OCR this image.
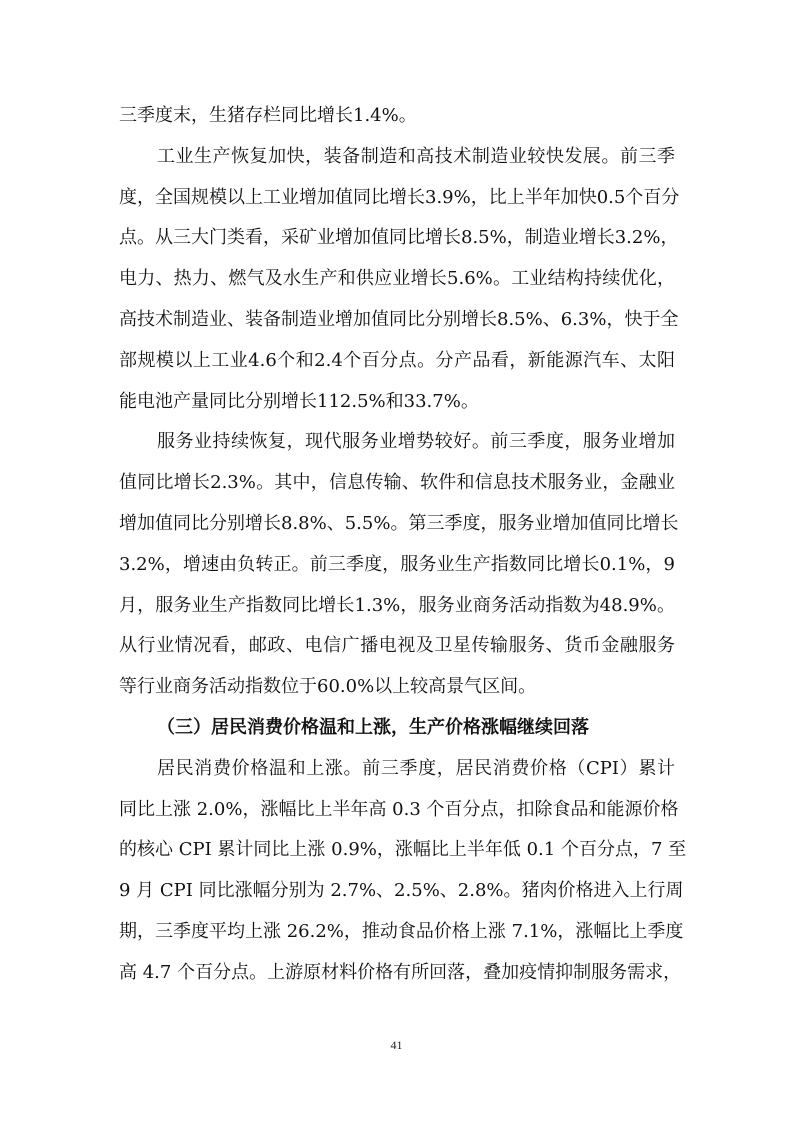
三季度末，生猪存栏同比增长1.4%。
工业生产恢复加快，装备制造和高技术制造业较快发展。前三季
度，全国规模以上工业增加值同比增长3.9%，比上半年加快0.5个百分
点。从三大门类看，采矿业增加值同比增长8.5%，制造业增长3.2%，
电力、热力、燃气及水生产和供应业增长5.6%。工业结构持续优化，
高技术制造业、装备制造业增加值同比分别增长8.5%、6.3%，快于全
部规模以上工业4.6个和2.4个百分点。分产品看，新能源汽车、太阳
能电池产量同比分别增长112.5%和33.7%。
服务业持续恢复，现代服务业增势较好。前三季度，服务业增加
值同比增长2.3%。其中，信息传输、软件和信息技术服务业，金融业
增加值同比分别增长8.8%、5.5%。第三季度，服务业增加值同比增长
3.2%，增速由负转正。前三季度，服务业生产指数同比增长0.1%，9
月，服务业生产指数同比增长1.3%，服务业商务活动指数为48.9%。
从行业情况看，邮政、电信广播电视及卫星传输服务、货币金融服务
等行业商务活动指数位于60.0%以上较高景气区间。
（三）居民消费价格温和上涨，生产价格涨幅继续回落
居民消费价格温和上涨。前三季度，居民消费价格（CPI）累计
同比上涨 2.0%，涨幅比上半年高 0.3 个百分点，扣除食品和能源价格
的核心 CPI 累计同比上涨 0.9%，涨幅比上半年低 0.1 个百分点，7 至
9 月 CPI 同比涨幅分别为 2.7%、2.5%、2.8%。猪肉价格进入上行周
期，三季度平均上涨 26.2%，推动食品价格上涨 7.1%，涨幅比上季度
高 4.7 个百分点。上游原材料价格有所回落，叠加疫情抑制服务需求，
41
